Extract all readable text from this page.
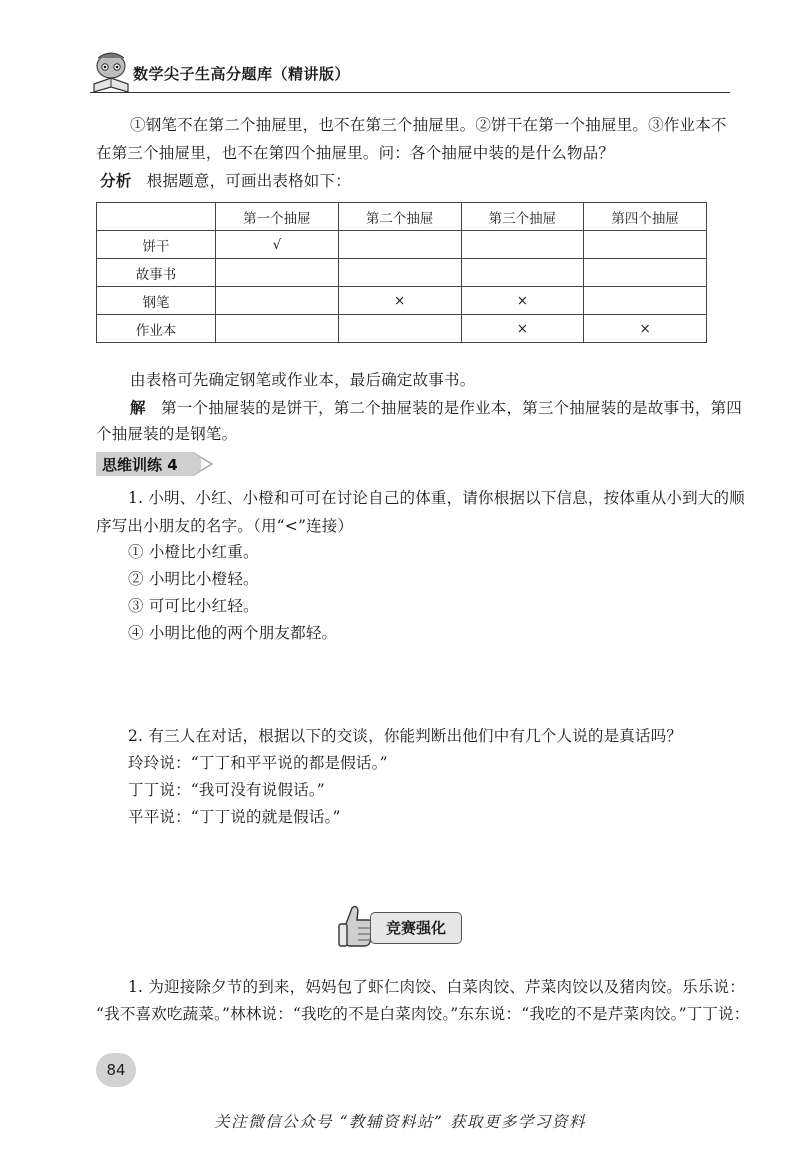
数学尖子生高分题库（精讲版）
①钢笔不在第二个抽屉里，也不在第三个抽屉里。②饼干在第一个抽屉里。③作业本不
在第三个抽屉里，也不在第四个抽屉里。问：各个抽屉中装的是什么物品？
分析 根据题意，可画出表格如下：
	第一个抽屉	第二个抽屉	第三个抽屉	第四个抽屉
饼干	√			
故事书				
钢笔		×	×	
作业本			×	×
由表格可先确定钢笔或作业本，最后确定故事书。
解 第一个抽屉装的是饼干，第二个抽屉装的是作业本，第三个抽屉装的是故事书，第四
个抽屉装的是钢笔。
思维训练 4
1. 小明、小红、小橙和可可在讨论自己的体重，请你根据以下信息，按体重从小到大的顺
序写出小朋友的名字。（用“<”连接）
① 小橙比小红重。
② 小明比小橙轻。
③ 可可比小红轻。
④ 小明比他的两个朋友都轻。
2. 有三人在对话，根据以下的交谈，你能判断出他们中有几个人说的是真话吗？
玲玲说：“丁丁和平平说的都是假话。”
丁丁说：“我可没有说假话。”
平平说：“丁丁说的就是假话。”
竞赛强化
1. 为迎接除夕节的到来，妈妈包了虾仁肉饺、白菜肉饺、芹菜肉饺以及猪肉饺。乐乐说：
“我不喜欢吃蔬菜。”林林说：“我吃的不是白菜肉饺。”东东说：“我吃的不是芹菜肉饺。”丁丁说：
84
关注微信公众号 “教辅资料站” 获取更多学习资料
